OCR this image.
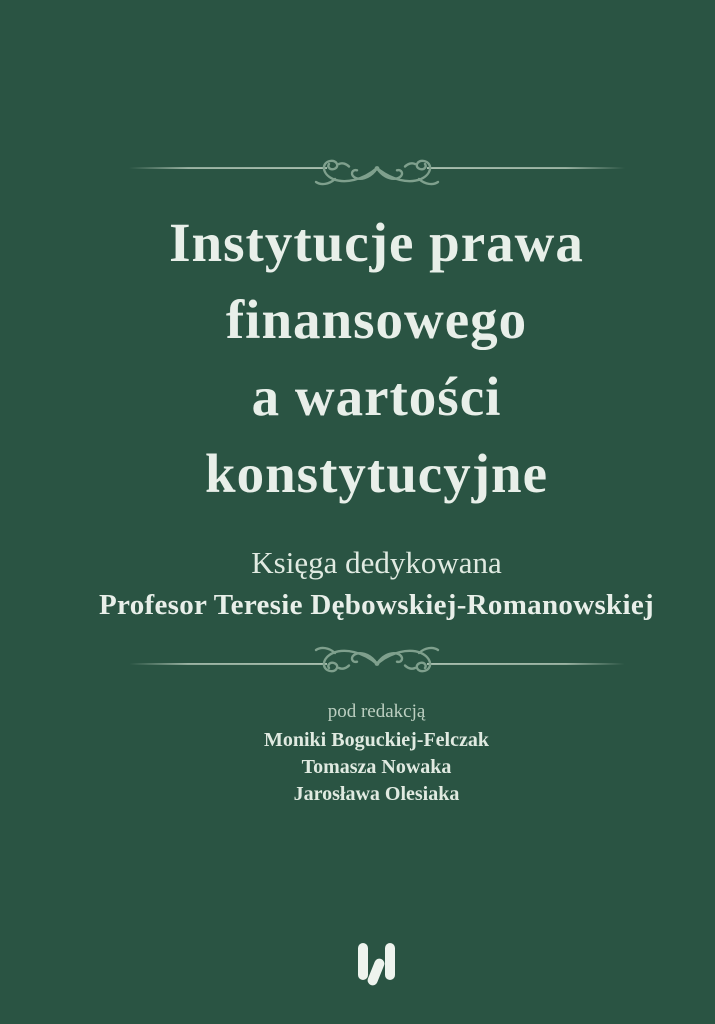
Instytucje prawa
finansowego
a wartości
konstytucyjne
Księga dedykowana
Profesor Teresie Dębowskiej-Romanowskiej
pod redakcją
Moniki Boguckiej-Felczak
Tomasza Nowaka
Jarosława Olesiaka
